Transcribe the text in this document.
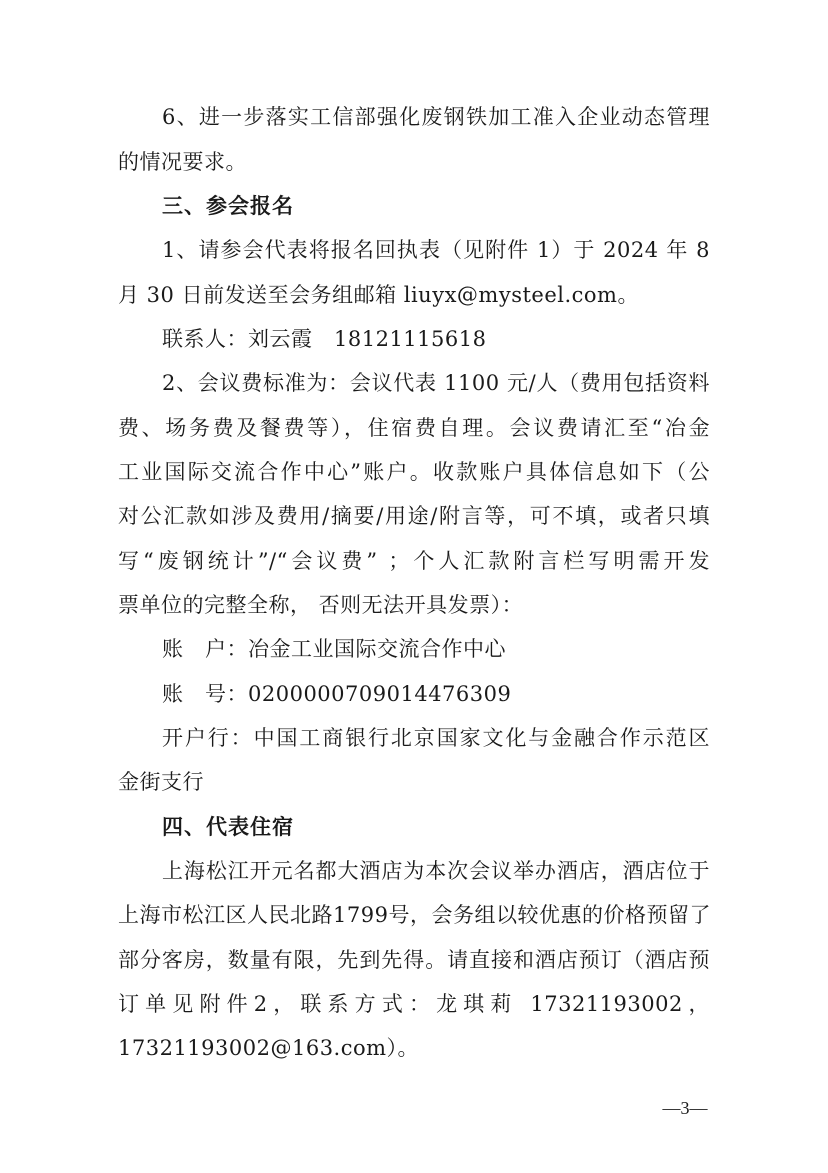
6、进一步落实工信部强化废钢铁加工准入企业动态管理
的情况要求。
三、参会报名
1、请参会代表将报名回执表（见附件 1）于 2024 年 8
月 30 日前发送至会务组邮箱 liuyx@mysteel.com。
联系人：刘云霞　18121115618
2、会议费标准为：会议代表 1100 元/人（费用包括资料
费、场务费及餐费等），住宿费自理。会议费请汇至“冶金
工业国际交流合作中心”账户。收款账户具体信息如下（公
对公汇款如涉及费用/摘要/用途/附言等，可不填，或者只填
写“废钢统计”/“会议费” ；个人汇款附言栏写明需开发
票单位的完整全称， 否则无法开具发票）：
账　户：冶金工业国际交流合作中心
账　号：0200000709014476309
开户行：中国工商银行北京国家文化与金融合作示范区
金街支行
四、代表住宿
上海松江开元名都大酒店为本次会议举办酒店，酒店位于
上海市松江区人民北路1799号，会务组以较优惠的价格预留了
部分客房，数量有限，先到先得。请直接和酒店预订（酒店预
订单见附件2，联系方式：龙琪莉 17321193002，
17321193002@163.com）。
—3—
